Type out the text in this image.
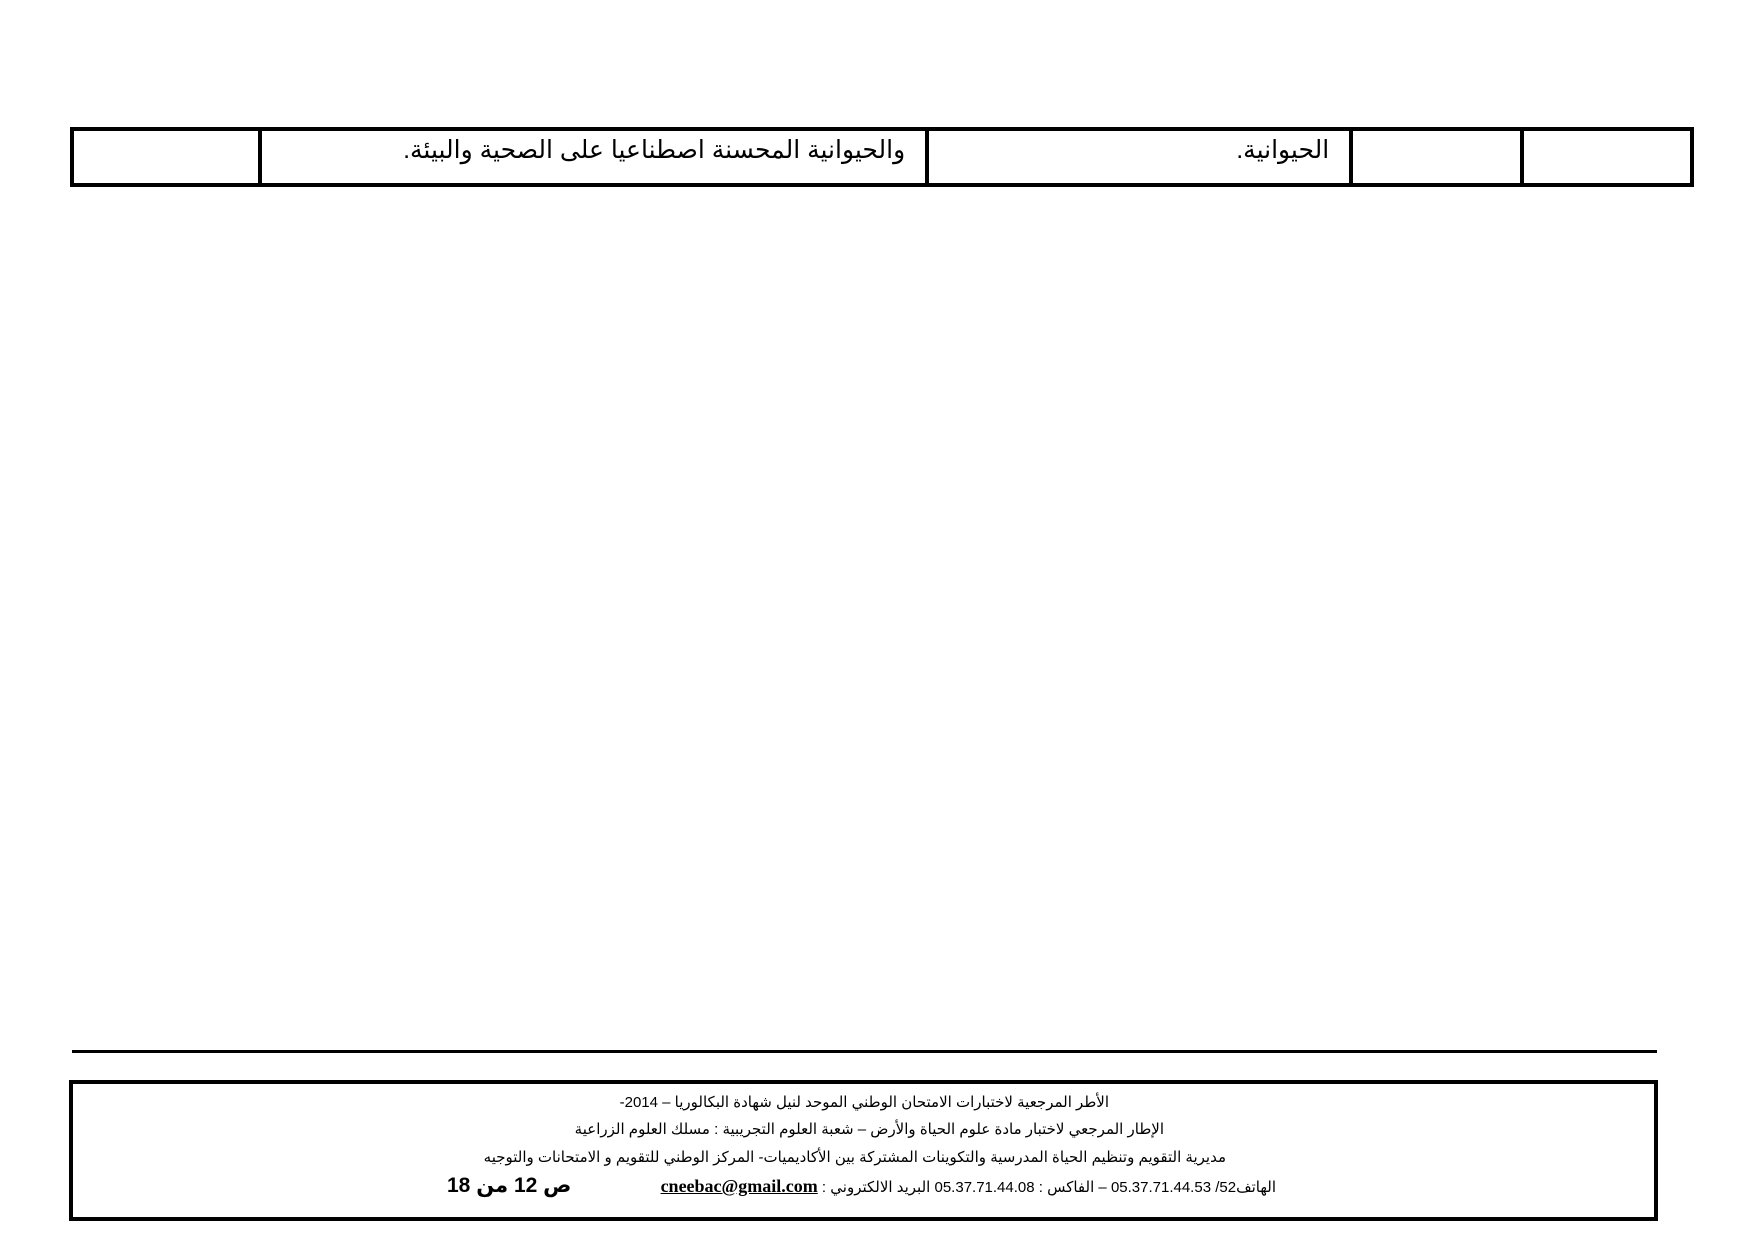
		الحيوانية.	والحيوانية المحسنة اصطناعيا على الصحية والبيئة.	
الأطر المرجعية لاختبارات الامتحان الوطني الموحد لنيل شهادة البكالوريا – 2014-
الإطار المرجعي لاختبار مادة علوم الحياة والأرض – شعبة العلوم التجريبية : مسلك العلوم الزراعية
مديرية التقويم وتنظيم الحياة المدرسية والتكوينات المشتركة بين الأكاديميات- المركز الوطني للتقويم و الامتحانات والتوجيه
الهاتف52/ 05.37.71.44.53 – الفاكس : 05.37.71.44.08 البريد الالكتروني : cneebac@gmail.com
ص 12 من 18
